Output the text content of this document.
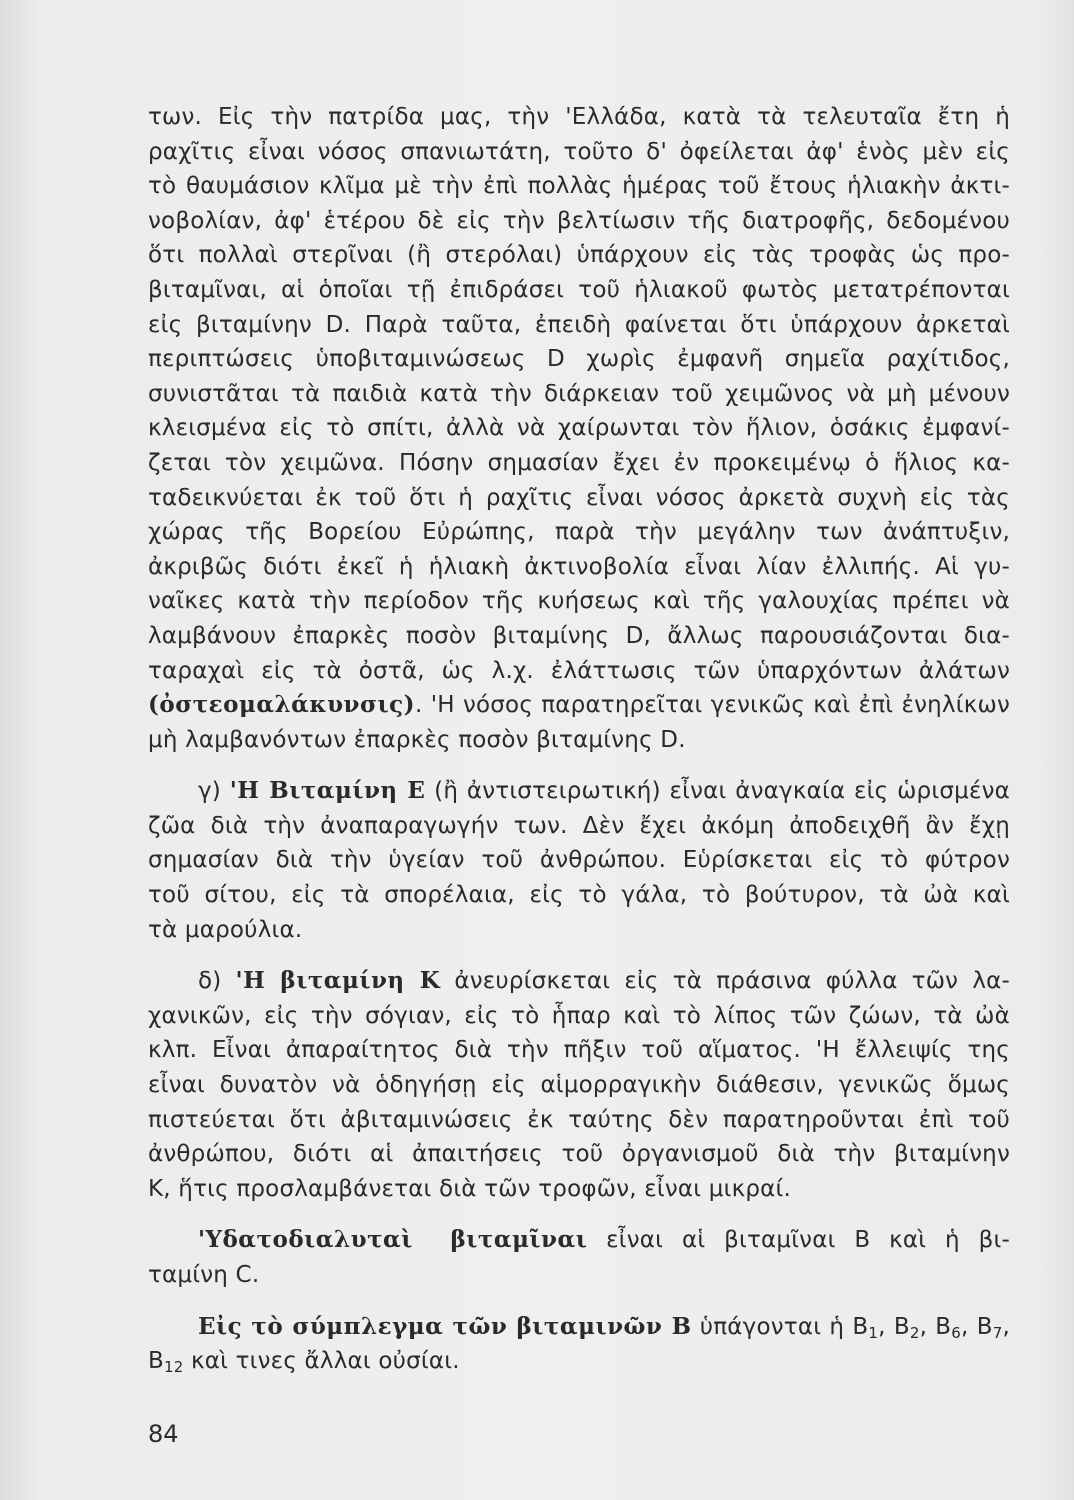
των. Εἰς τὴν πατρίδα μας, τὴν 'Ελλάδα, κατὰ τὰ τελευταῖα ἔτη ἡ
ραχῖτις εἶναι νόσος σπανιωτάτη, τοῦτο δ' ὀφείλεται ἀφ' ἑνὸς μὲν εἰς
τὸ θαυμάσιον κλῖμα μὲ τὴν ἐπὶ πολλὰς ἡμέρας τοῦ ἔτους ἡλιακὴν ἀκτι-
νοβολίαν, ἀφ' ἑτέρου δὲ εἰς τὴν βελτίωσιν τῆς διατροφῆς, δεδομένου
ὅτι πολλαὶ στερῖναι (ἢ στερόλαι) ὑπάρχουν εἰς τὰς τροφὰς ὡς προ-
βιταμῖναι, αἱ ὁποῖαι τῇ ἐπιδράσει τοῦ ἡλιακοῦ φωτὸς μετατρέπονται
εἰς βιταμίνην D. Παρὰ ταῦτα, ἐπειδὴ φαίνεται ὅτι ὑπάρχουν ἀρκεταὶ
περιπτώσεις ὑποβιταμινώσεως D χωρὶς ἐμφανῆ σημεῖα ραχίτιδος,
συνιστᾶται τὰ παιδιὰ κατὰ τὴν διάρκειαν τοῦ χειμῶνος νὰ μὴ μένουν
κλεισμένα εἰς τὸ σπίτι, ἀλλὰ νὰ χαίρωνται τὸν ἥλιον, ὁσάκις ἐμφανί-
ζεται τὸν χειμῶνα. Πόσην σημασίαν ἔχει ἐν προκειμένῳ ὁ ἥλιος κα-
ταδεικνύεται ἐκ τοῦ ὅτι ἡ ραχῖτις εἶναι νόσος ἀρκετὰ συχνὴ εἰς τὰς
χώρας τῆς Βορείου Εὐρώπης, παρὰ τὴν μεγάλην των ἀνάπτυξιν,
ἀκριβῶς διότι ἐκεῖ ἡ ἡλιακὴ ἀκτινοβολία εἶναι λίαν ἐλλιπής. Αἱ γυ-
ναῖκες κατὰ τὴν περίοδον τῆς κυήσεως καὶ τῆς γαλουχίας πρέπει νὰ
λαμβάνουν ἐπαρκὲς ποσὸν βιταμίνης D, ἄλλως παρουσιάζονται δια-
ταραχαὶ εἰς τὰ ὀστᾶ, ὡς λ.χ. ἐλάττωσις τῶν ὑπαρχόντων ἀλάτων
(ὀστεομαλάκυνσις). 'Η νόσος παρατηρεῖται γενικῶς καὶ ἐπὶ ἐνηλίκων
μὴ λαμβανόντων ἐπαρκὲς ποσὸν βιταμίνης D.
γ) 'Η Βιταμίνη Ε (ἢ ἀντιστειρωτική) εἶναι ἀναγκαία εἰς ὡρισμένα
ζῶα διὰ τὴν ἀναπαραγωγήν των. Δὲν ἔχει ἀκόμη ἀποδειχθῆ ἂν ἔχῃ
σημασίαν διὰ τὴν ὑγείαν τοῦ ἀνθρώπου. Εὑρίσκεται εἰς τὸ φύτρον
τοῦ σίτου, εἰς τὰ σπορέλαια, εἰς τὸ γάλα, τὸ βούτυρον, τὰ ὠὰ καὶ
τὰ μαρούλια.
δ) 'Η βιταμίνη Κ ἀνευρίσκεται εἰς τὰ πράσινα φύλλα τῶν λα-
χανικῶν, εἰς τὴν σόγιαν, εἰς τὸ ἧπαρ καὶ τὸ λίπος τῶν ζώων, τὰ ὠὰ
κλπ. Εἶναι ἀπαραίτητος διὰ τὴν πῆξιν τοῦ αἵματος. 'Η ἔλλειψίς της
εἶναι δυνατὸν νὰ ὁδηγήσῃ εἰς αἱμορραγικὴν διάθεσιν, γενικῶς ὅμως
πιστεύεται ὅτι ἀβιταμινώσεις ἐκ ταύτης δὲν παρατηροῦνται ἐπὶ τοῦ
ἀνθρώπου, διότι αἱ ἀπαιτήσεις τοῦ ὀργανισμοῦ διὰ τὴν βιταμίνην
Κ, ἥτις προσλαμβάνεται διὰ τῶν τροφῶν, εἶναι μικραί.
'Υδατοδιαλυταὶ βιταμῖναι εἶναι αἱ βιταμῖναι Β καὶ ἡ βι-
ταμίνη C.
Εἰς τὸ σύμπλεγμα τῶν βιταμινῶν Β ὑπάγονται ἡ $B_1$, $B_2$, $B_6$, $B_7$,
$B_{12}$ καὶ τινες ἄλλαι οὐσίαι.
84
